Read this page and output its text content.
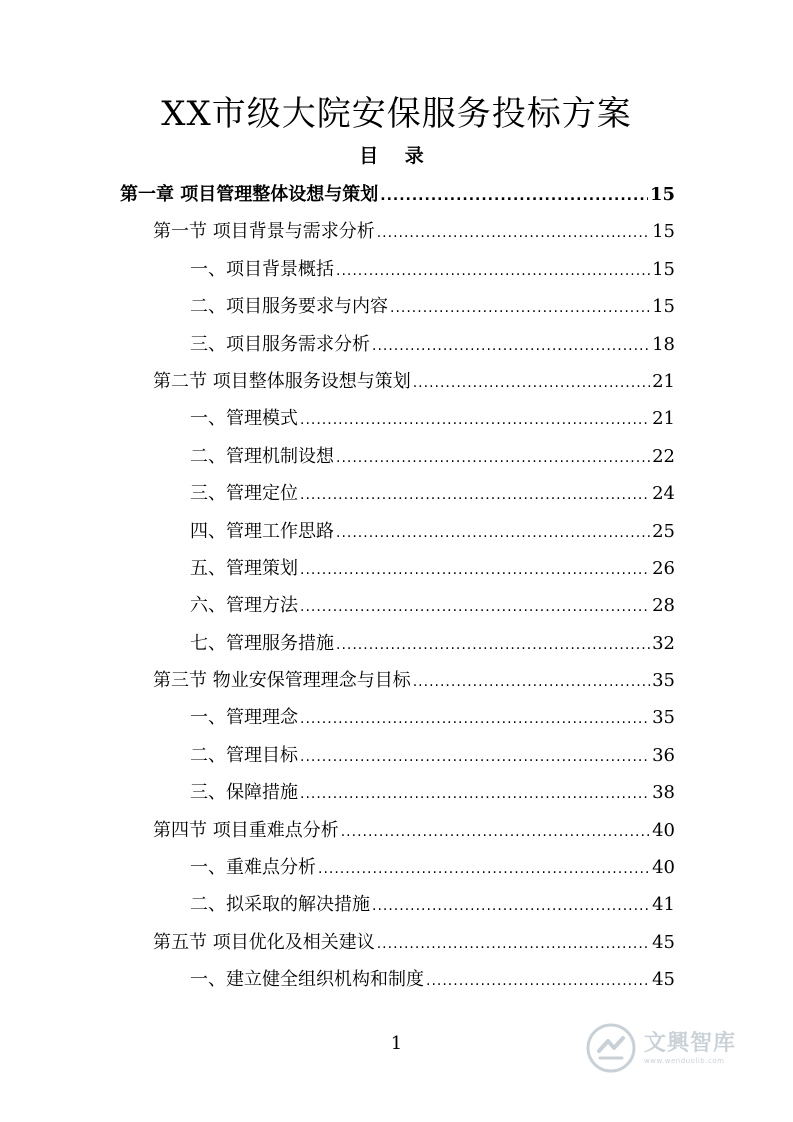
XX市级大院安保服务投标方案
目 录
第一章 项目管理整体设想与策划 .....	15
第一节 项目背景与需求分析 .....	15
一、项目背景概括 .....	15
二、项目服务要求与内容 .....	15
三、项目服务需求分析 .....	18
第二节 项目整体服务设想与策划 .....	21
一、管理模式 .....	21
二、管理机制设想 .....	22
三、管理定位 .....	24
四、管理工作思路 .....	25
五、管理策划 .....	26
六、管理方法 .....	28
七、管理服务措施 .....	32
第三节 物业安保管理理念与目标 .....	35
一、管理理念 .....	35
二、管理目标 .....	36
三、保障措施 .....	38
第四节 项目重难点分析 .....	40
一、重难点分析 .....	40
二、拟采取的解决措施 .....	41
第五节 项目优化及相关建议 .....	45
一、建立健全组织机构和制度 .....	45
1	文興智库
www.wenduolib.com
